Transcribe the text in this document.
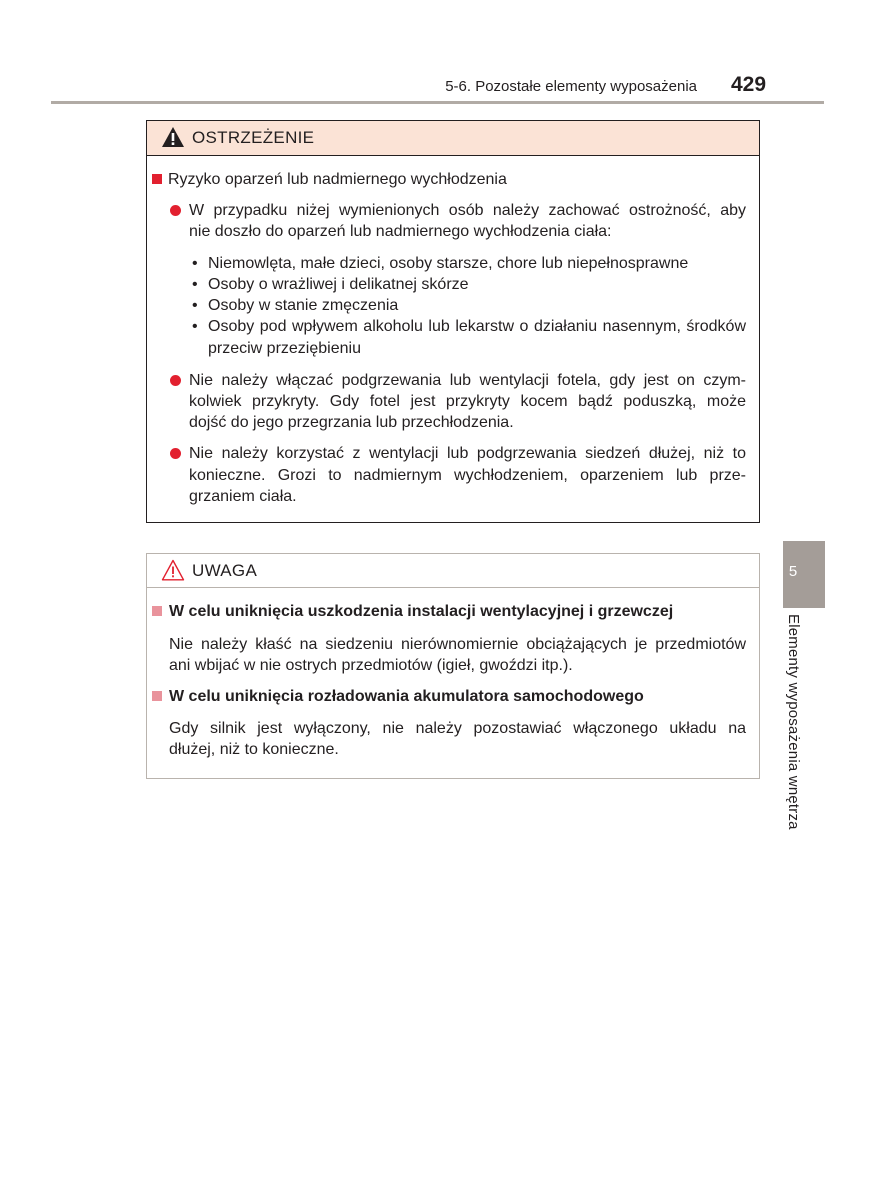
5-6. Pozostałe elementy wyposażenia 429
OSTRZEŻENIE
Ryzyko oparzeń lub nadmiernego wychłodzenia
W przypadku niżej wymienionych osób należy zachować ostrożność, aby
nie doszło do oparzeń lub nadmiernego wychłodzenia ciała:
• Niemowlęta, małe dzieci, osoby starsze, chore lub niepełnosprawne
• Osoby o wrażliwej i delikatnej skórze
• Osoby w stanie zmęczenia
• Osoby pod wpływem alkoholu lub lekarstw o działaniu nasennym, środków
przeciw przeziębieniu
Nie należy włączać podgrzewania lub wentylacji fotela, gdy jest on czym-
kolwiek przykryty. Gdy fotel jest przykryty kocem bądź poduszką, może
dojść do jego przegrzania lub przechłodzenia.
Nie należy korzystać z wentylacji lub podgrzewania siedzeń dłużej, niż to
konieczne. Grozi to nadmiernym wychłodzeniem, oparzeniem lub prze-
grzaniem ciała.
UWAGA
W celu uniknięcia uszkodzenia instalacji wentylacyjnej i grzewczej
Nie należy kłaść na siedzeniu nierównomiernie obciążających je przedmiotów
ani wbijać w nie ostrych przedmiotów (igieł, gwoździ itp.).
W celu uniknięcia rozładowania akumulatora samochodowego
Gdy silnik jest wyłączony, nie należy pozostawiać włączonego układu na
dłużej, niż to konieczne.
5
Elementy wyposażenia wnętrza
